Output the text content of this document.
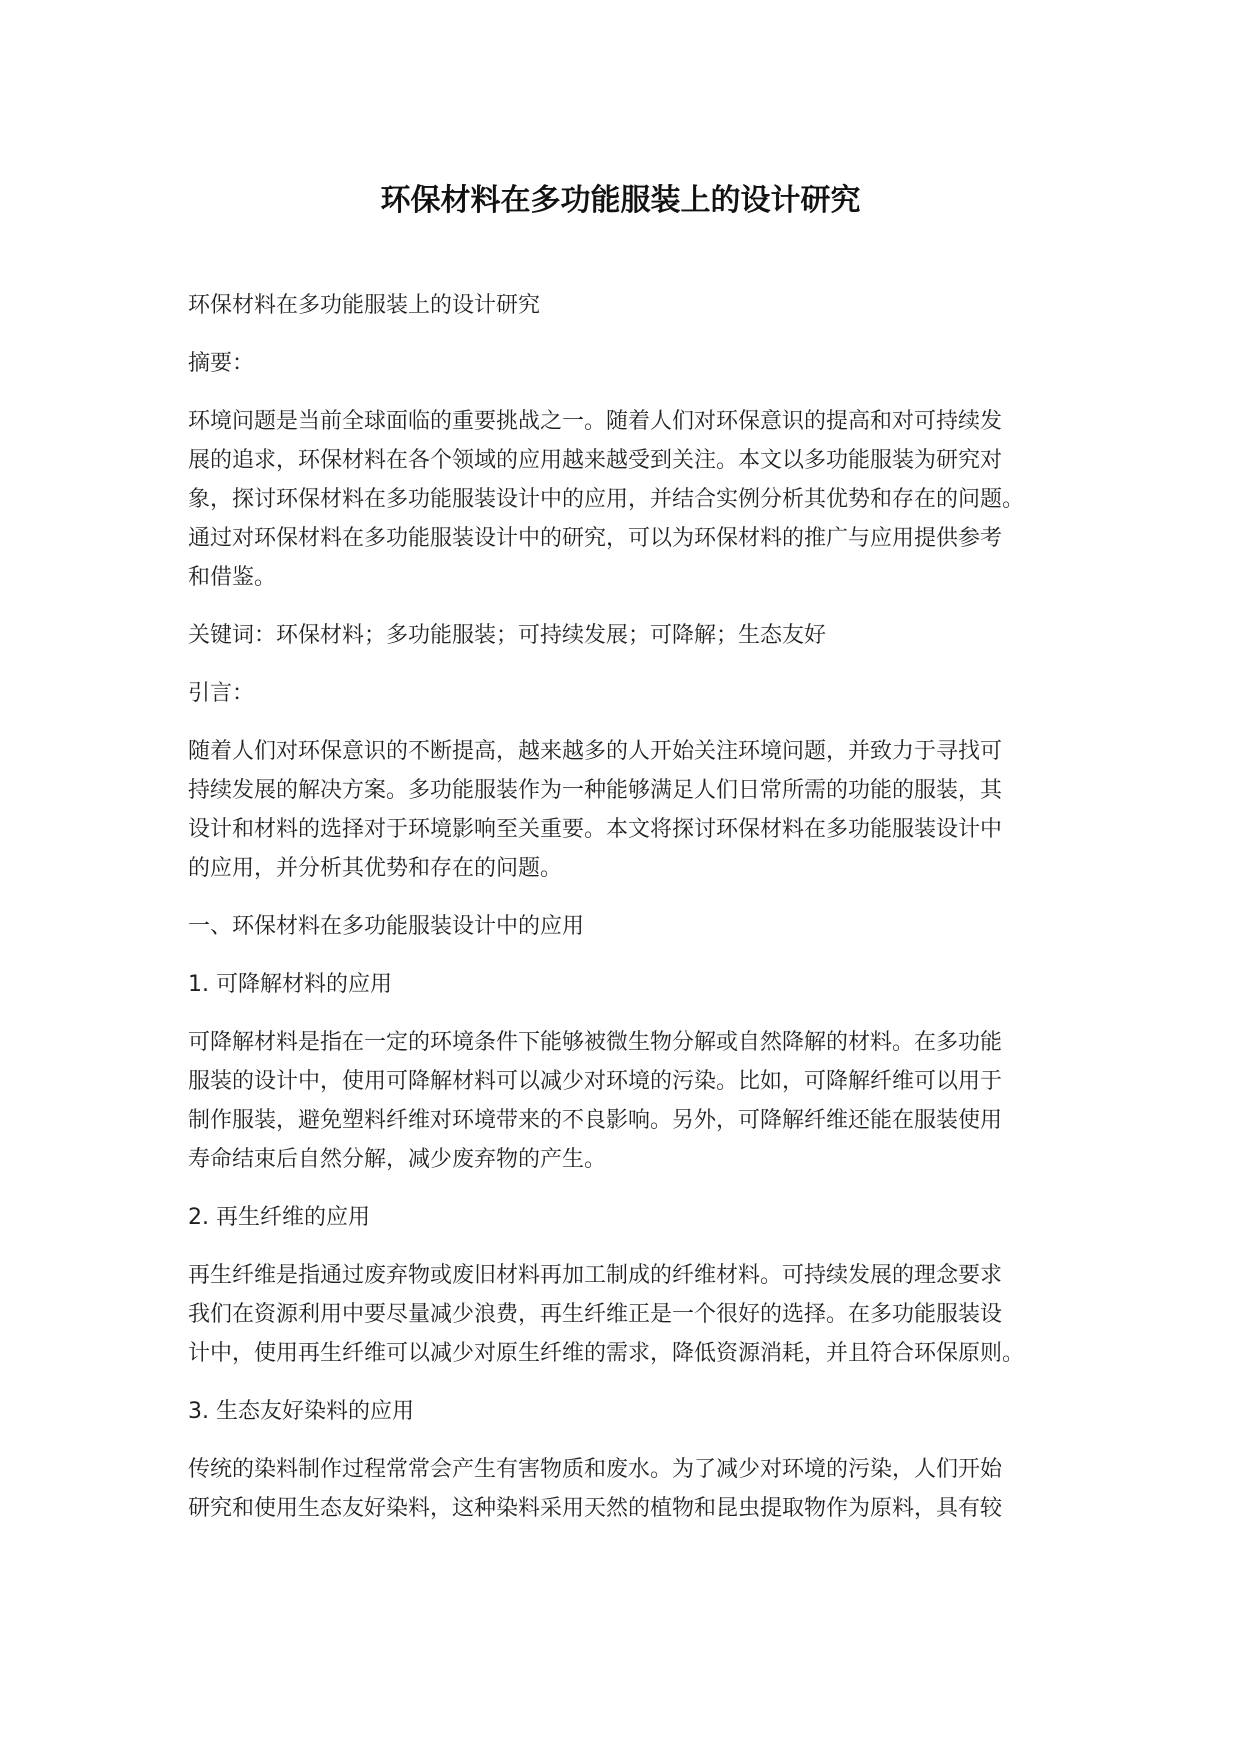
环保材料在多功能服装上的设计研究

环保材料在多功能服装上的设计研究

摘要：

环境问题是当前全球面临的重要挑战之一。随着人们对环保意识的提高和对可持续发
展的追求，环保材料在各个领域的应用越来越受到关注。本文以多功能服装为研究对
象，探讨环保材料在多功能服装设计中的应用，并结合实例分析其优势和存在的问题。
通过对环保材料在多功能服装设计中的研究，可以为环保材料的推广与应用提供参考
和借鉴。

关键词：环保材料；多功能服装；可持续发展；可降解；生态友好

引言：

随着人们对环保意识的不断提高，越来越多的人开始关注环境问题，并致力于寻找可
持续发展的解决方案。多功能服装作为一种能够满足人们日常所需的功能的服装，其
设计和材料的选择对于环境影响至关重要。本文将探讨环保材料在多功能服装设计中
的应用，并分析其优势和存在的问题。

一、环保材料在多功能服装设计中的应用

1. 可降解材料的应用

可降解材料是指在一定的环境条件下能够被微生物分解或自然降解的材料。在多功能
服装的设计中，使用可降解材料可以减少对环境的污染。比如，可降解纤维可以用于
制作服装，避免塑料纤维对环境带来的不良影响。另外，可降解纤维还能在服装使用
寿命结束后自然分解，减少废弃物的产生。

2. 再生纤维的应用

再生纤维是指通过废弃物或废旧材料再加工制成的纤维材料。可持续发展的理念要求
我们在资源利用中要尽量减少浪费，再生纤维正是一个很好的选择。在多功能服装设
计中，使用再生纤维可以减少对原生纤维的需求，降低资源消耗，并且符合环保原则。

3. 生态友好染料的应用

传统的染料制作过程常常会产生有害物质和废水。为了减少对环境的污染，人们开始
研究和使用生态友好染料，这种染料采用天然的植物和昆虫提取物作为原料，具有较
